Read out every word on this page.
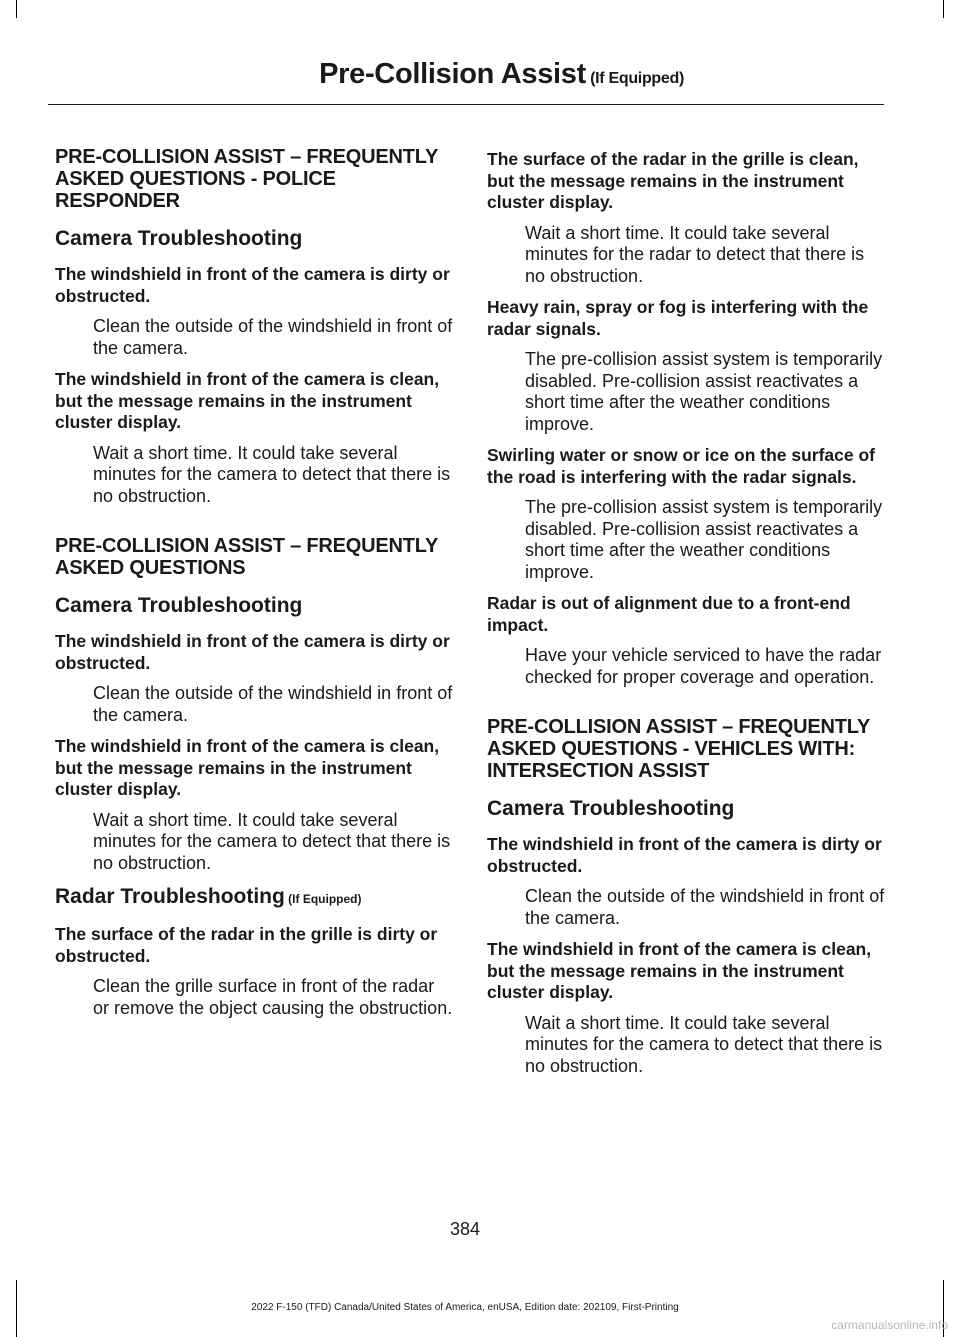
Pre-Collision Assist (If Equipped)
PRE-COLLISION ASSIST – FREQUENTLY ASKED QUESTIONS - POLICE RESPONDER
Camera Troubleshooting
The windshield in front of the camera is dirty or obstructed.
Clean the outside of the windshield in front of the camera.
The windshield in front of the camera is clean, but the message remains in the instrument cluster display.
Wait a short time. It could take several minutes for the camera to detect that there is no obstruction.
PRE-COLLISION ASSIST – FREQUENTLY ASKED QUESTIONS
Camera Troubleshooting
The windshield in front of the camera is dirty or obstructed.
Clean the outside of the windshield in front of the camera.
The windshield in front of the camera is clean, but the message remains in the instrument cluster display.
Wait a short time. It could take several minutes for the camera to detect that there is no obstruction.
Radar Troubleshooting (If Equipped)
The surface of the radar in the grille is dirty or obstructed.
Clean the grille surface in front of the radar or remove the object causing the obstruction.
The surface of the radar in the grille is clean, but the message remains in the instrument cluster display.
Wait a short time. It could take several minutes for the radar to detect that there is no obstruction.
Heavy rain, spray or fog is interfering with the radar signals.
The pre-collision assist system is temporarily disabled. Pre-collision assist reactivates a short time after the weather conditions improve.
Swirling water or snow or ice on the surface of the road is interfering with the radar signals.
The pre-collision assist system is temporarily disabled. Pre-collision assist reactivates a short time after the weather conditions improve.
Radar is out of alignment due to a front-end impact.
Have your vehicle serviced to have the radar checked for proper coverage and operation.
PRE-COLLISION ASSIST – FREQUENTLY ASKED QUESTIONS - VEHICLES WITH: INTERSECTION ASSIST
Camera Troubleshooting
The windshield in front of the camera is dirty or obstructed.
Clean the outside of the windshield in front of the camera.
The windshield in front of the camera is clean, but the message remains in the instrument cluster display.
Wait a short time. It could take several minutes for the camera to detect that there is no obstruction.
384
2022 F-150 (TFD) Canada/United States of America, enUSA, Edition date: 202109, First-Printing
carmanualsonline.info
